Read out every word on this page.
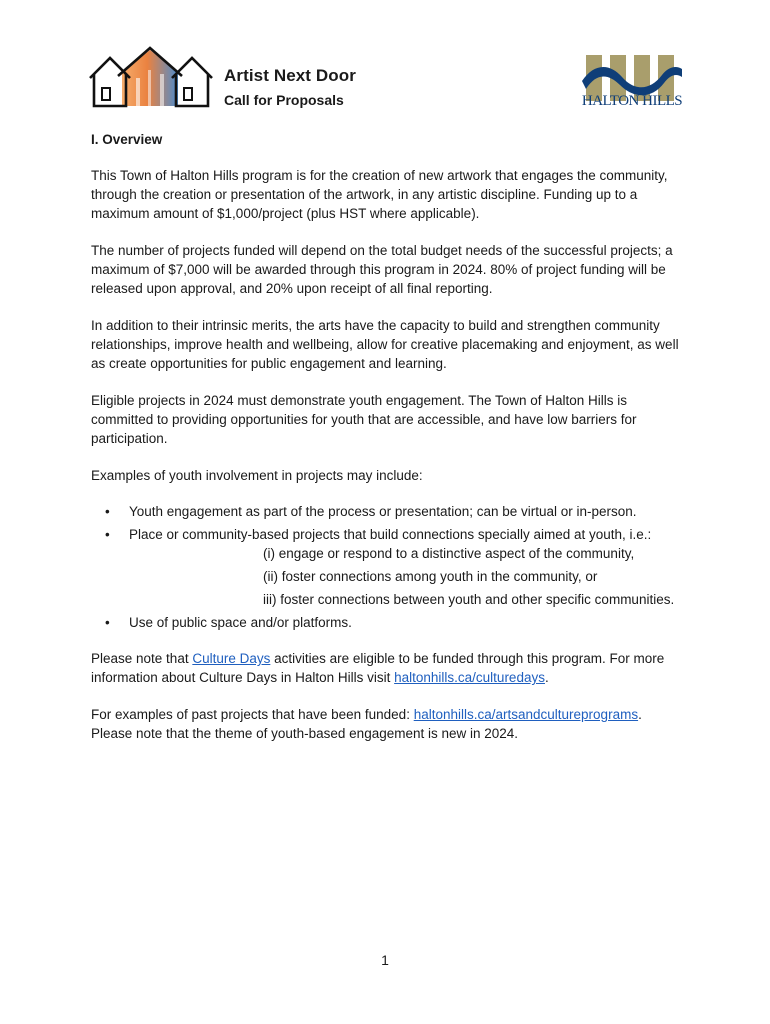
Artist Next Door
Call for Proposals	HALTON HILLS
I. Overview

This Town of Halton Hills program is for the creation of new artwork that engages the community, through the creation or presentation of the artwork, in any artistic discipline. Funding up to a maximum amount of $1,000/project (plus HST where applicable).

The number of projects funded will depend on the total budget needs of the successful projects; a maximum of $7,000 will be awarded through this program in 2024. 80% of project funding will be released upon approval, and 20% upon receipt of all final reporting.

In addition to their intrinsic merits, the arts have the capacity to build and strengthen community relationships, improve health and wellbeing, allow for creative placemaking and enjoyment, as well as create opportunities for public engagement and learning.

Eligible projects in 2024 must demonstrate youth engagement. The Town of Halton Hills is committed to providing opportunities for youth that are accessible, and have low barriers for participation.

Examples of youth involvement in projects may include:

• Youth engagement as part of the process or presentation; can be virtual or in-person.
• Place or community-based projects that build connections specially aimed at youth, i.e.:
(i) engage or respond to a distinctive aspect of the community,
(ii) foster connections among youth in the community, or
iii) foster connections between youth and other specific communities.
• Use of public space and/or platforms.

Please note that Culture Days activities are eligible to be funded through this program. For more information about Culture Days in Halton Hills visit haltonhills.ca/culturedays.

For examples of past projects that have been funded: haltonhills.ca/artsandcultureprograms. Please note that the theme of youth-based engagement is new in 2024.

1
